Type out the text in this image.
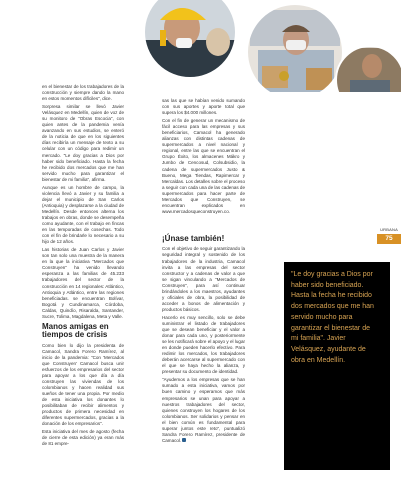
en el bienestar de los trabajadores de la construcción y siempre dando la mano en estos momentos difíciles", dice.

Sorpresa similar se llevó Javier Velásquez en Medellín, quien de voz de su monitoro de "Obras Escocia", con quien antes de la pandemia venía avanzando en sus estudios, se enteró de la noticia de que en los siguientes días recibiría un mensaje de texto a su celular con un código para redimir un mercado. "Le doy gracias a Dios por haber sido beneficiado. Hasta la fecha he recibido dos mercados que me han servido mucho para garantizar el bienestar de mi familia", afirma.

Aunque es un hombre de campo, la violencia llevó a Javier y su familia a dejar el municipio de San Carlos (Antioquia) y desplazarse a la ciudad de Medellín. Desde entonces alterna los trabajos en obras, donde se desempeña como ayudante, con el trabajo en fincas en las temporadas de cosechas. Todo con el fin de brindarle lo necesario a su hijo de 12 años.

Las historias de Juan Carlos y Javier son tan solo una muestra de la manera en la que la iniciativa "Mercados que Construyen" ha venido llevando esperanza a las familias de 45.233 trabajadores del sector de la construcción en 14 regionales: Atlántico, Antioquia y Atlántico, entre las regiones beneficiadas. se encuentran Bolívar, Bogotá y Cundinamarca, Córdoba, Caldas, Quindío, Risaralda, Santander, Sucre, Tolima, Magdalena, Meta y Valle.

Manos amigas en tiempos de crisis

Como bien lo dijo la presidenta de Camacol, Sandra Forero Ramírez, al inicio de la pandemia: "Con 'Mercados que Construyen' Camacol busca unir esfuerzos de los empresarios del sector para apoyar a los que día a día construyen las viviendas de los colombianos y hacen realidad sus sueños de tener una propia. Por medio de esta iniciativa los donantes lo posibilitaban de recibir alimentos y productos de primera necesidad en diferentes supermercados, gracias a la donación de los empresarios".

Esta iniciativa del mes de agosto (fecha de cierre de esta edición) ya eran más de 81 empre-

sas las que se habían venido sumando con sus aportes y aporte total que supera los $4.000 millones.

Con el fin de generar un mecanismo de fácil acceso para las empresas y sus beneficiarios, Camacol ha generado alianzas con distintas cadenas de supermercados a nivel nacional y regional, entre las que se encuentran el Grupo Éxito, los almacenes Mákro y Jumbo de Cencosud, Colsubsidio, la cadena de supermercados Justo & Bueno, Mega Tiendas, Rapimercar y Mercaldas. Los detalles sobre el proceso a seguir con cada una de las cadenas de supermercados para hacer parte de Mercados que Construyen, se encuentran explicados en www.mercadosqueconstruyen.co.

¡Únase también!

Con el objetivo de seguir garantizando la seguridad integral y sostenido de los trabajadores de la industria, Camacol invita a las empresas del sector constructor y a cadenas de valor a que se sigan vinculando a "Mercados de Construyen", para así continuar brindándoles a los maestros, ayudantes y oficiales de obra, la posibilidad de acceder a bonos de alimentación y productos básicos.

Hacerlo es muy sencillo, solo se debe suministrar el listado de trabajadores que se desean beneficiar y el valor a donar para cada uno, y posteriormente se les notificará sobre el apoyo y el lugar en donde pueden hacerlo efectivo. Para redimir los mercados, los trabajadores deberán acercarse al supermercado con el que se haya hecho la alianza, y presentar su documento de identidad.

"Ayudemos a los empresas que se han sumado a esta iniciativa, vamos por buen camino y esperamos que más empresarios se unan para apoyar a nuestros trabajadores del sector, quienes construyen los hogares de los colombianos. Ser solidarios y pensar en el bien común es fundamental para superar juntos este reto", puntualizó Sandra Forero Ramírez, presidente de Camacol.

URBANA
75
"Le doy gracias a Dios por haber sido beneficiado. Hasta la fecha he recibido dos mercados que me han servido mucho para garantizar el bienestar de mi familia". Javier Velásquez, ayudante de obra en Medellín.
